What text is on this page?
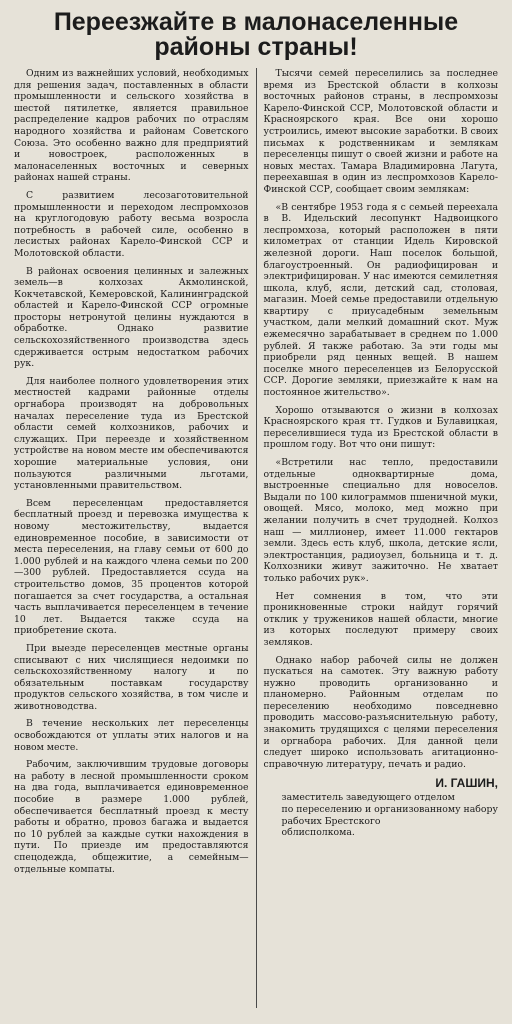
Переезжайте в малонаселенные
районы страны!

Одним из важнейших условий, необходимых для решения задач, поставленных в области промышленности и сельского хозяйства в шестой пятилетке, является правильное распределение кадров рабочих по отраслям народного хозяйства и районам Советского Союза. Это особенно важно для предприятий и новостроек, расположенных в малонаселенных восточных и северных районах нашей страны.

С развитием лесозаготовительной промышленности и переходом леспромхозов на круглогодовую работу весьма возросла потребность в рабочей силе, особенно в лесистых районах Карело-Финской ССР и Молотовской области.

В районах освоения целинных и залежных земель—в колхозах Акмолинской, Кокчетавской, Кемеровской, Калининградской областей и Карело-Финской ССР огромные просторы нетронутой целины нуждаются в обработке. Однако развитие сельскохозяйственного производства здесь сдерживается острым недостатком рабочих рук.

Для наиболее полного удовлетворения этих местностей кадрами районные отделы оргнабора производят на добровольных началах переселение туда из Брестской области семей колхозников, рабочих и служащих. При переезде и хозяйственном устройстве на новом месте им обеспечиваются хорошие материальные условия, они пользуются различными льготами, установленными правительством.

Всем переселенцам предоставляется бесплатный проезд и перевозка имущества к новому местожительству, выдается единовременное пособие, в зависимости от места переселения, на главу семьи от 600 до 1.000 рублей и на каждого члена семьи по 200—300 рублей. Предоставляется ссуда на строительство домов, 35 процентов которой погашается за счет государства, а остальная часть выплачивается переселенцем в течение 10 лет. Выдается также ссуда на приобретение скота.

При выезде переселенцев местные органы списывают с них числящиеся недоимки по сельскохозяйственному налогу и по обязательным поставкам государству продуктов сельского хозяйства, в том числе и животноводства.

В течение нескольких лет переселенцы освобождаются от уплаты этих налогов и на новом месте.

Рабочим, заключившим трудовые договоры на работу в лесной промышленности сроком на два года, выплачивается единовременное пособие в размере 1.000 рублей, обеспечивается бесплатный проезд к месту работы и обратно, провоз багажа и выдается по 10 рублей за каждые сутки нахождения в пути. По приезде им предоставляются спецодежда, общежитие, а семейным—отдельные компаты.

Тысячи семей переселились за последнее время из Брестской области в колхозы восточных районов страны, в леспромхозы Карело-Финской ССР, Молотовской области и Красноярского края. Все они хорошо устроились, имеют высокие заработки. В своих письмах к родственникам и землякам переселенцы пишут о своей жизни и работе на новых местах. Тамара Владимировна Лагута, переехавшая в один из леспромхозов Карело-Финской ССР, сообщает своим землякам:

«В сентябре 1953 года я с семьей переехала в В. Идельский лесопункт Надвоицкого леспромхоза, который расположен в пяти километрах от станции Идель Кировской железной дороги. Наш поселок большой, благоустроенный. Он радиофицирован и электрифицирован. У нас имеются семилетняя школа, клуб, ясли, детский сад, столовая, магазин. Моей семье предоставили отдельную квартиру с приусадебным земельным участком, дали мелкий домашний скот. Муж ежемесячно зарабатывает в среднем по 1.000 рублей. Я также работаю. За эти годы мы приобрели ряд ценных вещей. В нашем поселке много переселенцев из Белорусской ССР. Дорогие земляки, приезжайте к нам на постоянное жительство».

Хорошо отзываются о жизни в колхозах Красноярского края тт. Гудков и Булавицкая, переселившиеся туда из Брестской области в прошлом году. Вот что они пишут:

«Встретили нас тепло, предоставили отдельные одноквартирные дома, выстроенные специально для новоселов. Выдали по 100 килограммов пшеничной муки, овощей. Мясо, молоко, мед можно при желании получить в счет трудодней. Колхоз наш — миллионер, имеет 11.000 гектаров земли. Здесь есть клуб, школа, детские ясли, электростанция, радиоузел, больница и т. д. Колхозники живут зажиточно. Не хватает только рабочих рук».

Нет сомнения в том, что эти проникновенные строки найдут горячий отклик у тружеников нашей области, многие из которых последуют примеру своих земляков.

Однако набор рабочей силы не должен пускаться на самотек. Эту важную работу нужно проводить организованно и планомерно. Районным отделам по переселению необходимо повседневно проводить массово-разъяснительную работу, знакомить трудящихся с целями переселения и оргнабора рабочих. Для данной цели следует широко использовать агитационно-справочную литературу, печать и радио.

И. ГАШИН,
заместитель заведующего отделом
по переселению и организованному набору рабочих Брестского
облисполкома.
